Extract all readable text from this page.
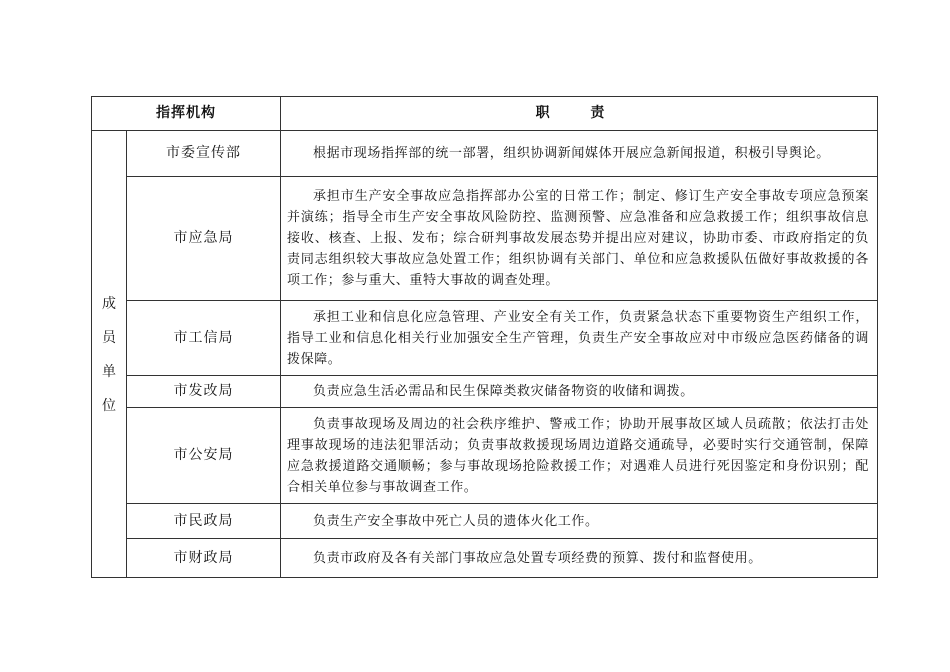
指挥机构		职 责

成
员
单
位	市委宣传部	根据市现场指挥部的统一部署，组织协调新闻媒体开展应急新闻报道，积极引导舆论。

	市应急局	承担市生产安全事故应急指挥部办公室的日常工作；制定、修订生产安全事故专项应急预案并演练；指导全市生产安全事故风险防控、监测预警、应急准备和应急救援工作；组织事故信息接收、核查、上报、发布；综合研判事故发展态势并提出应对建议，协助市委、市政府指定的负责同志组织较大事故应急处置工作；组织协调有关部门、单位和应急救援队伍做好事故救援的各项工作；参与重大、重特大事故的调查处理。

	市工信局	承担工业和信息化应急管理、产业安全有关工作，负责紧急状态下重要物资生产组织工作，指导工业和信息化相关行业加强安全生产管理，负责生产安全事故应对中市级应急医药储备的调拨保障。

	市发改局	负责应急生活必需品和民生保障类救灾储备物资的收储和调拨。

	市公安局	负责事故现场及周边的社会秩序维护、警戒工作；协助开展事故区域人员疏散；依法打击处理事故现场的违法犯罪活动；负责事故救援现场周边道路交通疏导，必要时实行交通管制，保障应急救援道路交通顺畅；参与事故现场抢险救援工作；对遇难人员进行死因鉴定和身份识别；配合相关单位参与事故调查工作。

	市民政局	负责生产安全事故中死亡人员的遗体火化工作。

	市财政局	负责市政府及各有关部门事故应急处置专项经费的预算、拨付和监督使用。
